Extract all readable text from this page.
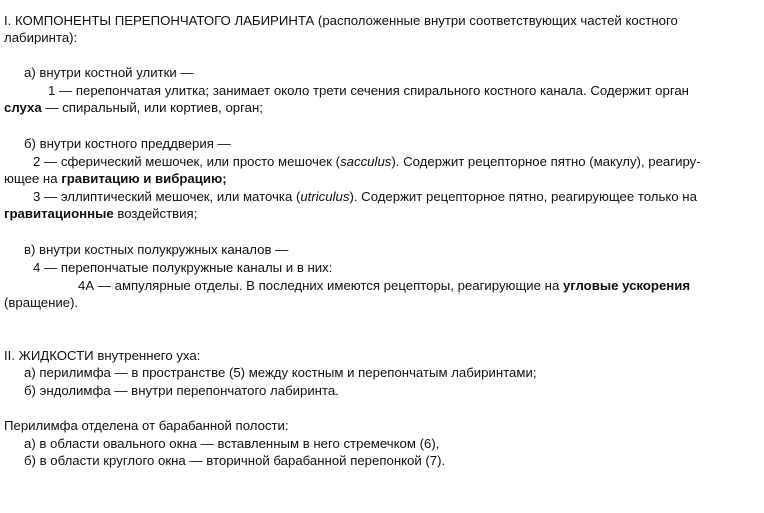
I. КОМПОНЕНТЫ ПЕРЕПОНЧАТОГО ЛАБИРИНТА (расположенные внутри соответствующих частей костного
лабиринта):
а) внутри костной улитки —
1 — перепончатая улитка; занимает около трети сечения спирального костного канала. Содержит орган
слуха — спиральный, или кортиев, орган;
б) внутри костного преддверия —
2 — сферический мешочек, или просто мешочек (sacculus). Содержит рецепторное пятно (макулу), реагиру-
ющее на гравитацию и вибрацию;
3 — эллиптический мешочек, или маточка (utriculus). Содержит рецепторное пятно, реагирующее только на
гравитационные воздействия;
в) внутри костных полукружных каналов —
4 — перепончатые полукружные каналы и в них:
4А — ампулярные отделы. В последних имеются рецепторы, реагирующие на угловые ускорения
(вращение).
II. ЖИДКОСТИ внутреннего уха:
а) перилимфа — в пространстве (5) между костным и перепончатым лабиринтами;
б) эндолимфа — внутри перепончатого лабиринта.
Перилимфа отделена от барабанной полости:
а) в области овального окна — вставленным в него стремечком (6),
б) в области круглого окна — вторичной барабанной перепонкой (7).
